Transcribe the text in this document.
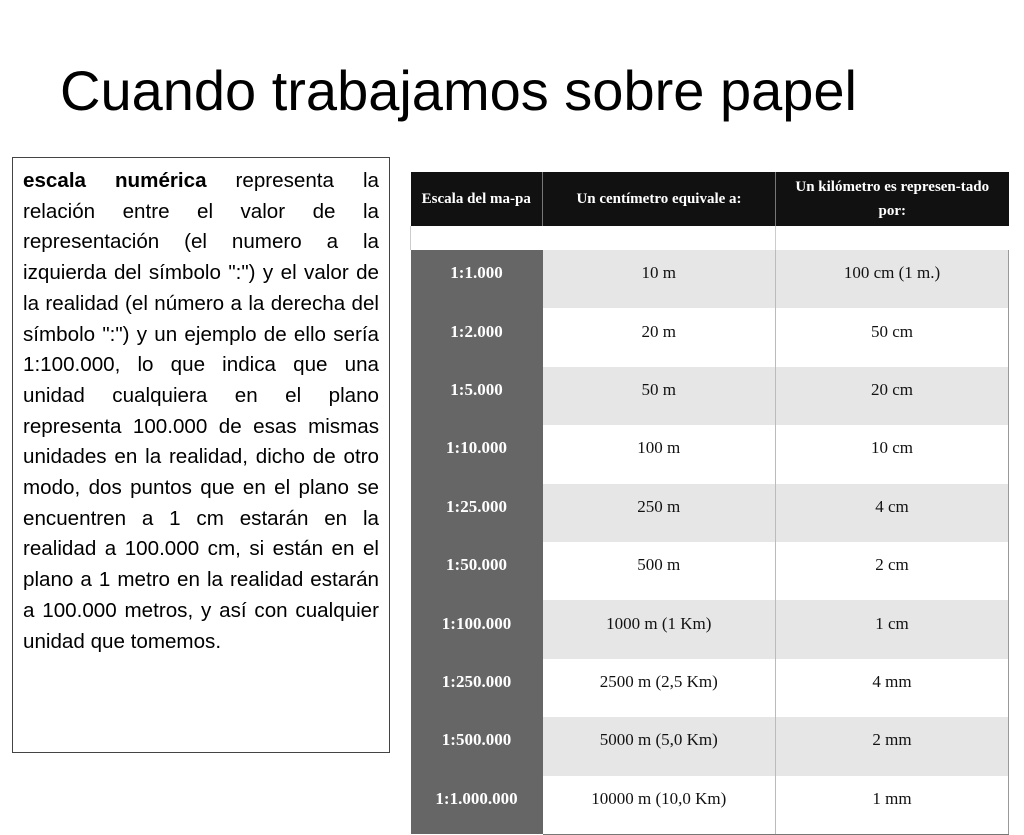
Cuando trabajamos sobre papel
escala numérica representa la relación entre el valor de la representación (el numero a la izquierda del símbolo ":") y el valor de la realidad (el número a la derecha del símbolo ":") y un ejemplo de ello sería 1:100.000, lo que indica que una unidad cualquiera en el plano representa 100.000 de esas mismas unidades en la realidad, dicho de otro modo, dos puntos que en el plano se encuentren a 1 cm estarán en la realidad a 100.000 cm, si están en el plano a 1 metro en la realidad estarán a 100.000 metros, y así con cualquier unidad que tomemos.
Escala del ma-pa	Un centímetro equivale a:	Un kilómetro es represen-tado por:

1:1.000	10 m	100 cm (1 m.)
1:2.000	20 m	50 cm
1:5.000	50 m	20 cm
1:10.000	100 m	10 cm
1:25.000	250 m	4 cm
1:50.000	500 m	2 cm
1:100.000	1000 m (1 Km)	1 cm
1:250.000	2500 m (2,5 Km)	4 mm
1:500.000	5000 m (5,0 Km)	2 mm
1:1.000.000	10000 m (10,0 Km)	1 mm
